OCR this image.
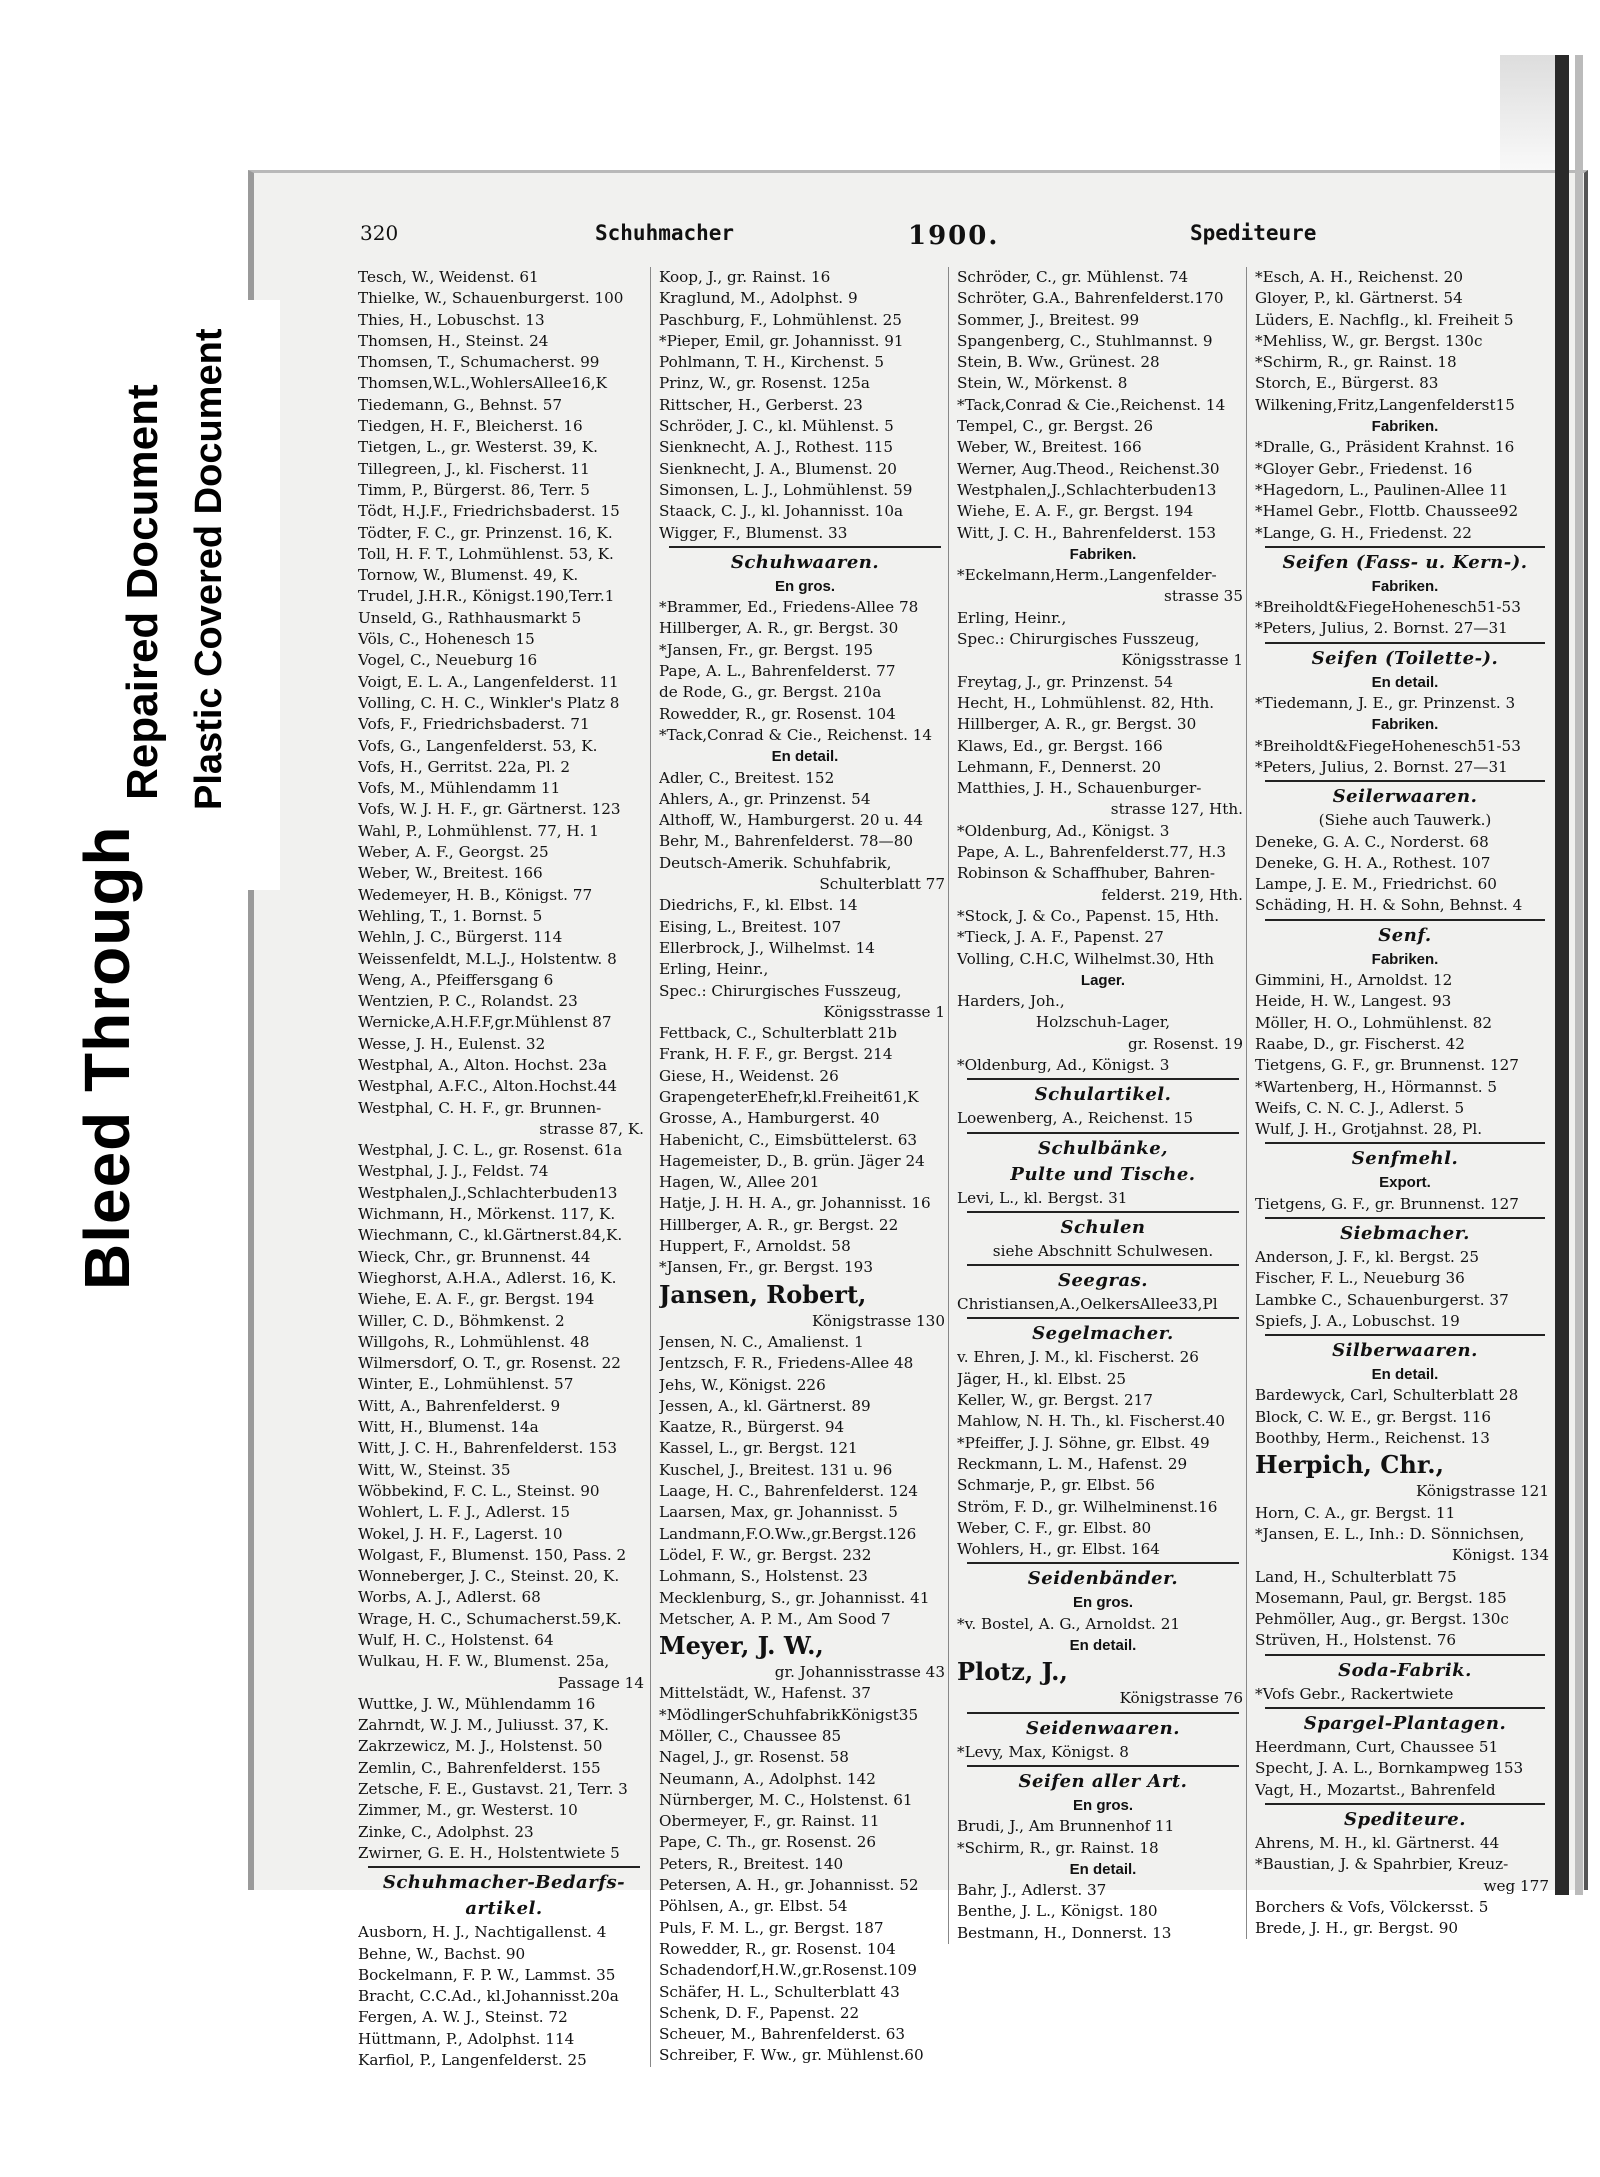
Bleed Through
Repaired Document Plastic Covered Document
320	Schuhmacher	1900.	Spediteure
Tesch, W., Weidenst. 61
Thielke, W., Schauenburgerst. 100
Thies, H., Lobuschst. 13
Thomsen, H., Steinst. 24
Thomsen, T., Schumacherst. 99
Thomsen,W.L.,WohlersAllee16,K
Tiedemann, G., Behnst. 57
Tiedgen, H. F., Bleicherst. 16
Tietgen, L., gr. Westerst. 39, K.
Tillegreen, J., kl. Fischerst. 11
Timm, P., Bürgerst. 86, Terr. 5
Tödt, H.J.F., Friedrichsbaderst. 15
Tödter, F. C., gr. Prinzenst. 16, K.
Toll, H. F. T., Lohmühlenst. 53, K.
Tornow, W., Blumenst. 49, K.
Trudel, J.H.R., Königst.190,Terr.1
Unseld, G., Rathhausmarkt 5
Völs, C., Hohenesch 15
Vogel, C., Neueburg 16
Voigt, E. L. A., Langenfelderst. 11
Volling, C. H. C., Winkler's Platz 8
Vofs, F., Friedrichsbaderst. 71
Vofs, G., Langenfelderst. 53, K.
Vofs, H., Gerritst. 22a, Pl. 2
Vofs, M., Mühlendamm 11
Vofs, W. J. H. F., gr. Gärtnerst. 123
Wahl, P., Lohmühlenst. 77, H. 1
Weber, A. F., Georgst. 25
Weber, W., Breitest. 166
Wedemeyer, H. B., Königst. 77
Wehling, T., 1. Bornst. 5
Wehln, J. C., Bürgerst. 114
Weissenfeldt, M.L.J., Holstentw. 8
Weng, A., Pfeiffersgang 6
Wentzien, P. C., Rolandst. 23
Wernicke,A.H.F.F,gr.Mühlenst 87
Wesse, J. H., Eulenst. 32
Westphal, A., Alton. Hochst. 23a
Westphal, A.F.C., Alton.Hochst.44
Westphal, C. H. F., gr. Brunnen-
strasse 87, K.
Westphal, J. C. L., gr. Rosenst. 61a
Westphal, J. J., Feldst. 74
Westphalen,J.,Schlachterbuden13
Wichmann, H., Mörkenst. 117, K.
Wiechmann, C., kl.Gärtnerst.84,K.
Wieck, Chr., gr. Brunnenst. 44
Wieghorst, A.H.A., Adlerst. 16, K.
Wiehe, E. A. F., gr. Bergst. 194
Willer, C. D., Böhmkenst. 2
Willgohs, R., Lohmühlenst. 48
Wilmersdorf, O. T., gr. Rosenst. 22
Winter, E., Lohmühlenst. 57
Witt, A., Bahrenfelderst. 9
Witt, H., Blumenst. 14a
Witt, J. C. H., Bahrenfelderst. 153
Witt, W., Steinst. 35
Wöbbekind, F. C. L., Steinst. 90
Wohlert, L. F. J., Adlerst. 15
Wokel, J. H. F., Lagerst. 10
Wolgast, F., Blumenst. 150, Pass. 2
Wonneberger, J. C., Steinst. 20, K.
Worbs, A. J., Adlerst. 68
Wrage, H. C., Schumacherst.59,K.
Wulf, H. C., Holstenst. 64
Wulkau, H. F. W., Blumenst. 25a,
Passage 14
Wuttke, J. W., Mühlendamm 16
Zahrndt, W. J. M., Juliusst. 37, K.
Zakrzewicz, M. J., Holstenst. 50
Zemlin, C., Bahrenfelderst. 155
Zetsche, F. E., Gustavst. 21, Terr. 3
Zimmer, M., gr. Westerst. 10
Zinke, C., Adolphst. 23
Zwirner, G. E. H., Holstentwiete 5
Schuhmacher-Bedarfs-
artikel.
Ausborn, H. J., Nachtigallenst. 4
Behne, W., Bachst. 90
Bockelmann, F. P. W., Lammst. 35
Bracht, C.C.Ad., kl.Johannisst.20a
Fergen, A. W. J., Steinst. 72
Hüttmann, P., Adolphst. 114
Karfiol, P., Langenfelderst. 25
Koop, J., gr. Rainst. 16
Kraglund, M., Adolphst. 9
Paschburg, F., Lohmühlenst. 25
*Pieper, Emil, gr. Johannisst. 91
Pohlmann, T. H., Kirchenst. 5
Prinz, W., gr. Rosenst. 125a
Rittscher, H., Gerberst. 23
Schröder, J. C., kl. Mühlenst. 5
Sienknecht, A. J., Rothest. 115
Sienknecht, J. A., Blumenst. 20
Simonsen, L. J., Lohmühlenst. 59
Staack, C. J., kl. Johannisst. 10a
Wigger, F., Blumenst. 33
Schuhwaaren.
En gros.
*Brammer, Ed., Friedens-Allee 78
Hillberger, A. R., gr. Bergst. 30
*Jansen, Fr., gr. Bergst. 195
Pape, A. L., Bahrenfelderst. 77
de Rode, G., gr. Bergst. 210a
Rowedder, R., gr. Rosenst. 104
*Tack,Conrad & Cie., Reichenst. 14
En detail.
Adler, C., Breitest. 152
Ahlers, A., gr. Prinzenst. 54
Althoff, W., Hamburgerst. 20 u. 44
Behr, M., Bahrenfelderst. 78—80
Deutsch-Amerik. Schuhfabrik,
Schulterblatt 77
Diedrichs, F., kl. Elbst. 14
Eising, L., Breitest. 107
Ellerbrock, J., Wilhelmst. 14
Erling, Heinr.,
Spec.: Chirurgisches Fusszeug,
Königsstrasse 1
Fettback, C., Schulterblatt 21b
Frank, H. F. F., gr. Bergst. 214
Giese, H., Weidenst. 26
GrapengeterEhefr,kl.Freiheit61,K
Grosse, A., Hamburgerst. 40
Habenicht, C., Eimsbüttelerst. 63
Hagemeister, D., B. grün. Jäger 24
Hagen, W., Allee 201
Hatje, J. H. H. A., gr. Johannisst. 16
Hillberger, A. R., gr. Bergst. 22
Huppert, F., Arnoldst. 58
*Jansen, Fr., gr. Bergst. 193
Jansen, Robert,
Königstrasse 130
Jensen, N. C., Amalienst. 1
Jentzsch, F. R., Friedens-Allee 48
Jehs, W., Königst. 226
Jessen, A., kl. Gärtnerst. 89
Kaatze, R., Bürgerst. 94
Kassel, L., gr. Bergst. 121
Kuschel, J., Breitest. 131 u. 96
Laage, H. C., Bahrenfelderst. 124
Laarsen, Max, gr. Johannisst. 5
Landmann,F.O.Ww.,gr.Bergst.126
Lödel, F. W., gr. Bergst. 232
Lohmann, S., Holstenst. 23
Mecklenburg, S., gr. Johannisst. 41
Metscher, A. P. M., Am Sood 7
Meyer, J. W.,
gr. Johannisstrasse 43
Mittelstädt, W., Hafenst. 37
*MödlingerSchuhfabrikKönigst35
Möller, C., Chaussee 85
Nagel, J., gr. Rosenst. 58
Neumann, A., Adolphst. 142
Nürnberger, M. C., Holstenst. 61
Obermeyer, F., gr. Rainst. 11
Pape, C. Th., gr. Rosenst. 26
Peters, R., Breitest. 140
Petersen, A. H., gr. Johannisst. 52
Pöhlsen, A., gr. Elbst. 54
Puls, F. M. L., gr. Bergst. 187
Rowedder, R., gr. Rosenst. 104
Schadendorf,H.W.,gr.Rosenst.109
Schäfer, H. L., Schulterblatt 43
Schenk, D. F., Papenst. 22
Scheuer, M., Bahrenfelderst. 63
Schreiber, F. Ww., gr. Mühlenst.60
Schröder, C., gr. Mühlenst. 74
Schröter, G.A., Bahrenfelderst.170
Sommer, J., Breitest. 99
Spangenberg, C., Stuhlmannst. 9
Stein, B. Ww., Grünest. 28
Stein, W., Mörkenst. 8
*Tack,Conrad & Cie.,Reichenst. 14
Tempel, C., gr. Bergst. 26
Weber, W., Breitest. 166
Werner, Aug.Theod., Reichenst.30
Westphalen,J.,Schlachterbuden13
Wiehe, E. A. F., gr. Bergst. 194
Witt, J. C. H., Bahrenfelderst. 153
Fabriken.
*Eckelmann,Herm.,Langenfelder-
strasse 35
Erling, Heinr.,
Spec.: Chirurgisches Fusszeug,
Königsstrasse 1
Freytag, J., gr. Prinzenst. 54
Hecht, H., Lohmühlenst. 82, Hth.
Hillberger, A. R., gr. Bergst. 30
Klaws, Ed., gr. Bergst. 166
Lehmann, F., Dennerst. 20
Matthies, J. H., Schauenburger-
strasse 127, Hth.
*Oldenburg, Ad., Königst. 3
Pape, A. L., Bahrenfelderst.77, H.3
Robinson & Schaffhuber, Bahren-
felderst. 219, Hth.
*Stock, J. & Co., Papenst. 15, Hth.
*Tieck, J. A. F., Papenst. 27
Volling, C.H.C, Wilhelmst.30, Hth
Lager.
Harders, Joh.,
Holzschuh-Lager,
gr. Rosenst. 19
*Oldenburg, Ad., Königst. 3
Schulartikel.
Loewenberg, A., Reichenst. 15
Schulbänke,
Pulte und Tische.
Levi, L., kl. Bergst. 31
Schulen
siehe Abschnitt Schulwesen.
Seegras.
Christiansen,A.,OelkersAllee33,Pl
Segelmacher.
v. Ehren, J. M., kl. Fischerst. 26
Jäger, H., kl. Elbst. 25
Keller, W., gr. Bergst. 217
Mahlow, N. H. Th., kl. Fischerst.40
*Pfeiffer, J. J. Söhne, gr. Elbst. 49
Reckmann, L. M., Hafenst. 29
Schmarje, P., gr. Elbst. 56
Ström, F. D., gr. Wilhelminenst.16
Weber, C. F., gr. Elbst. 80
Wohlers, H., gr. Elbst. 164
Seidenbänder.
En gros.
*v. Bostel, A. G., Arnoldst. 21
En detail.
Plotz, J.,
Königstrasse 76
Seidenwaaren.
*Levy, Max, Königst. 8
Seifen aller Art.
En gros.
Brudi, J., Am Brunnenhof 11
*Schirm, R., gr. Rainst. 18
En detail.
Bahr, J., Adlerst. 37
Benthe, J. L., Königst. 180
Bestmann, H., Donnerst. 13
*Esch, A. H., Reichenst. 20
Gloyer, P., kl. Gärtnerst. 54
Lüders, E. Nachflg., kl. Freiheit 5
*Mehliss, W., gr. Bergst. 130c
*Schirm, R., gr. Rainst. 18
Storch, E., Bürgerst. 83
Wilkening,Fritz,Langenfelderst15
Fabriken.
*Dralle, G., Präsident Krahnst. 16
*Gloyer Gebr., Friedenst. 16
*Hagedorn, L., Paulinen-Allee 11
*Hamel Gebr., Flottb. Chaussee92
*Lange, G. H., Friedenst. 22
Seifen (Fass- u. Kern-).
Fabriken.
*Breiholdt&FiegeHohenesch51-53
*Peters, Julius, 2. Bornst. 27—31
Seifen (Toilette-).
En detail.
*Tiedemann, J. E., gr. Prinzenst. 3
Fabriken.
*Breiholdt&FiegeHohenesch51-53
*Peters, Julius, 2. Bornst. 27—31
Seilerwaaren.
(Siehe auch Tauwerk.)
Deneke, G. A. C., Norderst. 68
Deneke, G. H. A., Rothest. 107
Lampe, J. E. M., Friedrichst. 60
Schäding, H. H. & Sohn, Behnst. 4
Senf.
Fabriken.
Gimmini, H., Arnoldst. 12
Heide, H. W., Langest. 93
Möller, H. O., Lohmühlenst. 82
Raabe, D., gr. Fischerst. 42
Tietgens, G. F., gr. Brunnenst. 127
*Wartenberg, H., Hörmannst. 5
Weifs, C. N. C. J., Adlerst. 5
Wulf, J. H., Grotjahnst. 28, Pl.
Senfmehl.
Export.
Tietgens, G. F., gr. Brunnenst. 127
Siebmacher.
Anderson, J. F., kl. Bergst. 25
Fischer, F. L., Neueburg 36
Lambke C., Schauenburgerst. 37
Spiefs, J. A., Lobuschst. 19
Silberwaaren.
En detail.
Bardewyck, Carl, Schulterblatt 28
Block, C. W. E., gr. Bergst. 116
Boothby, Herm., Reichenst. 13
Herpich, Chr.,
Königstrasse 121
Horn, C. A., gr. Bergst. 11
*Jansen, E. L., Inh.: D. Sönnichsen,
Königst. 134
Land, H., Schulterblatt 75
Mosemann, Paul, gr. Bergst. 185
Pehmöller, Aug., gr. Bergst. 130c
Strüven, H., Holstenst. 76
Soda-Fabrik.
*Vofs Gebr., Rackertwiete
Spargel-Plantagen.
Heerdmann, Curt, Chaussee 51
Specht, J. A. L., Bornkampweg 153
Vagt, H., Mozartst., Bahrenfeld
Spediteure.
Ahrens, M. H., kl. Gärtnerst. 44
*Baustian, J. & Spahrbier, Kreuz-
weg 177
Borchers & Vofs, Völckersst. 5
Brede, J. H., gr. Bergst. 90
